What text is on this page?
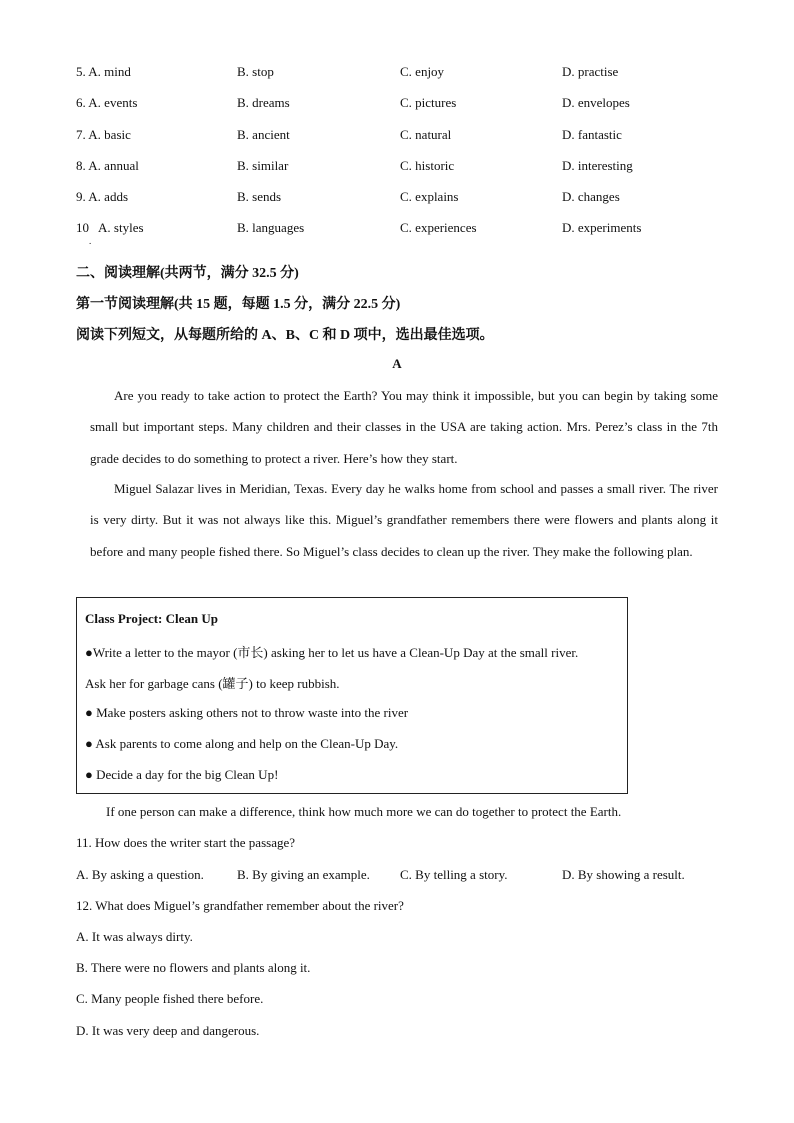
5. A. mind	B. stop	C. enjoy	D. practise
6. A. events	B. dreams	C. pictures	D. envelopes
7. A. basic	B. ancient	C. natural	D. fantastic
8. A. annual	B. similar	C. historic	D. interesting
9. A. adds	B. sends	C. explains	D. changes
10   A. styles	B. languages	C. experiences	D. experiments
.
二、阅读理解(共两节，满分 32.5 分)
第一节阅读理解(共 15 题，每题 1.5 分，满分 22.5 分)
阅读下列短文，从每题所给的 A、B、C 和 D 项中，选出最佳选项。
A

Are you ready to take action to protect the Earth? You may think it impossible, but you can begin by taking some small but important steps. Many children and their classes in the USA are taking action. Mrs. Perez’s class in the 7th grade decides to do something to protect a river. Here’s how they start.

Miguel Salazar lives in Meridian, Texas. Every day he walks home from school and passes a small river. The river is very dirty. But it was not always like this. Miguel’s grandfather remembers there were flowers and plants along it before and many people fished there. So Miguel’s class decides to clean up the river. They make the following plan.

Class Project: Clean Up
●Write a letter to the mayor (市长) asking her to let us have a Clean-Up Day at the small river.
Ask her for garbage cans (罐子) to keep rubbish.
● Make posters asking others not to throw waste into the river
● Ask parents to come along and help on the Clean-Up Day.
● Decide a day for the big Clean Up!
If one person can make a difference, think how much more we can do together to protect the Earth.
11. How does the writer start the passage?
A. By asking a question.	B. By giving an example. C. By telling a story.	D. By showing a result.
12. What does Miguel’s grandfather remember about the river?
A. It was always dirty.
B. There were no flowers and plants along it.
C. Many people fished there before.
D. It was very deep and dangerous.
